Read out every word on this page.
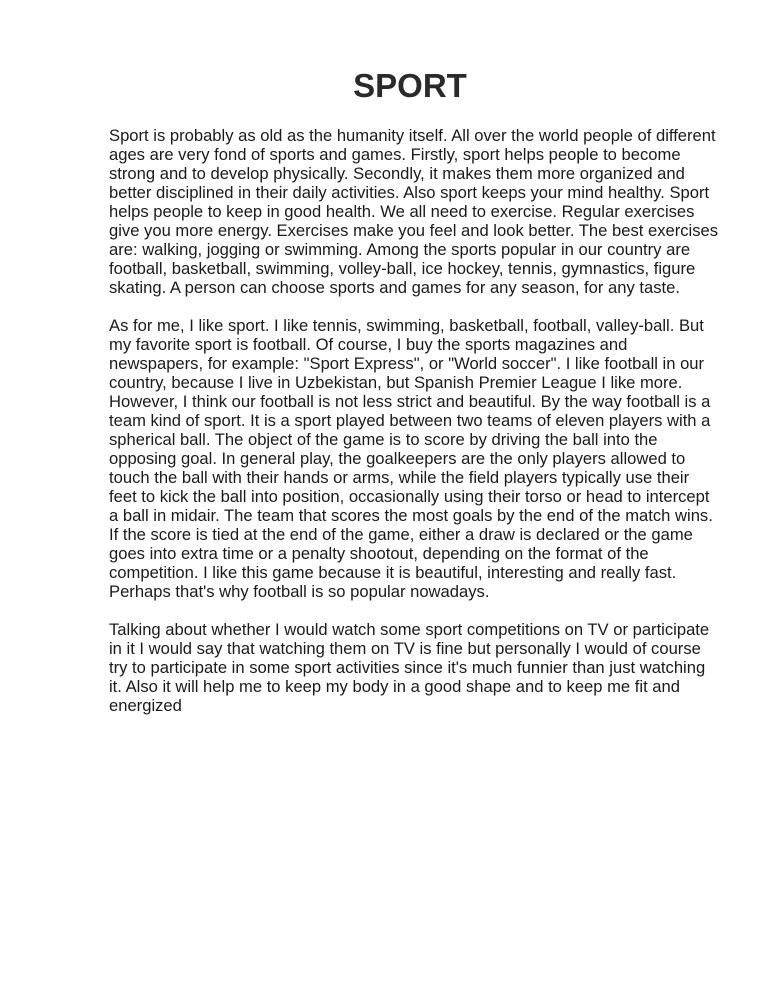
SPORT

Sport is probably as old as the humanity itself. All over the world people of different ages are very fond of sports and games. Firstly, sport helps people to become strong and to develop physically. Secondly, it makes them more organized and better disciplined in their daily activities. Also sport keeps your mind healthy. Sport helps people to keep in good health. We all need to exercise. Regular exercises give you more energy. Exercises make you feel and look better. The best exercises are: walking, jogging or swimming. Among the sports popular in our country are football, basketball, swimming, volley-ball, ice hockey, tennis, gymnastics, figure skating. A person can choose sports and games for any season, for any taste.

As for me, I like sport. I like tennis, swimming, basketball, football, valley-ball. But my favorite sport is football. Of course, I buy the sports magazines and newspapers, for example: "Sport Express", or "World soccer". I like football in our country, because I live in Uzbekistan, but Spanish Premier League I like more. However, I think our football is not less strict and beautiful. By the way football is a team kind of sport. It is a sport played between two teams of eleven players with a spherical ball. The object of the game is to score by driving the ball into the opposing goal. In general play, the goalkeepers are the only players allowed to touch the ball with their hands or arms, while the field players typically use their feet to kick the ball into position, occasionally using their torso or head to intercept a ball in midair. The team that scores the most goals by the end of the match wins. If the score is tied at the end of the game, either a draw is declared or the game goes into extra time or a penalty shootout, depending on the format of the competition. I like this game because it is beautiful, interesting and really fast. Perhaps that's why football is so popular nowadays.

Talking about whether I would watch some sport competitions on TV or participate in it I would say that watching them on TV is fine but personally I would of course try to participate in some sport activities since it's much funnier than just watching it. Also it will help me to keep my body in a good shape and to keep me fit and energized
